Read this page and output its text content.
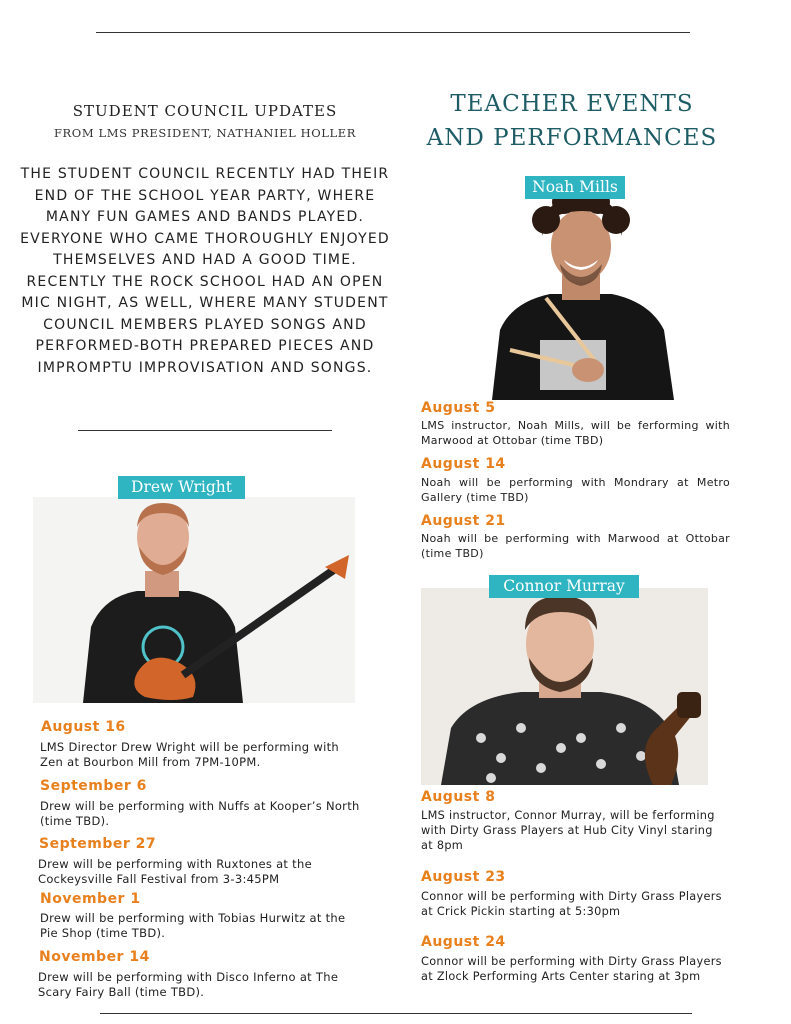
STUDENT COUNCIL UPDATES
FROM LMS PRESIDENT, NATHANIEL HOLLER
THE STUDENT COUNCIL RECENTLY HAD THEIR END OF THE SCHOOL YEAR PARTY, WHERE MANY FUN GAMES AND BANDS PLAYED. EVERYONE WHO CAME THOROUGHLY ENJOYED THEMSELVES AND HAD A GOOD TIME. RECENTLY THE ROCK SCHOOL HAD AN OPEN MIC NIGHT, AS WELL, WHERE MANY STUDENT COUNCIL MEMBERS PLAYED SONGS AND PERFORMED-BOTH PREPARED PIECES AND IMPROMPTU IMPROVISATION AND SONGS.
TEACHER EVENTS
AND PERFORMANCES
Noah Mills
August 5
LMS instructor, Noah Mills, will be ferforming with Marwood at Ottobar (time TBD)
August 14
Noah will be performing with Mondrary at Metro Gallery (time TBD)
August 21
Noah will be performing with Marwood at Ottobar (time TBD)
Drew Wright
August 16
LMS Director Drew Wright will be performing with Zen at Bourbon Mill from 7PM-10PM.
September 6
Drew will be performing with Nuffs at Kooper’s North (time TBD).
September 27
Drew will be performing with Ruxtones at the Cockeysville Fall Festival from 3-3:45PM
November 1
Drew will be performing with Tobias Hurwitz at the Pie Shop (time TBD).
November 14
Drew will be performing with Disco Inferno at The Scary Fairy Ball (time TBD).
Connor Murray
August 8
LMS instructor, Connor Murray, will be ferforming with Dirty Grass Players at Hub City Vinyl staring at 8pm
August 23
Connor will be performing with Dirty Grass Players at Crick Pickin starting at 5:30pm
August 24
Connor will be performing with Dirty Grass Players at Zlock Performing Arts Center staring at 3pm
